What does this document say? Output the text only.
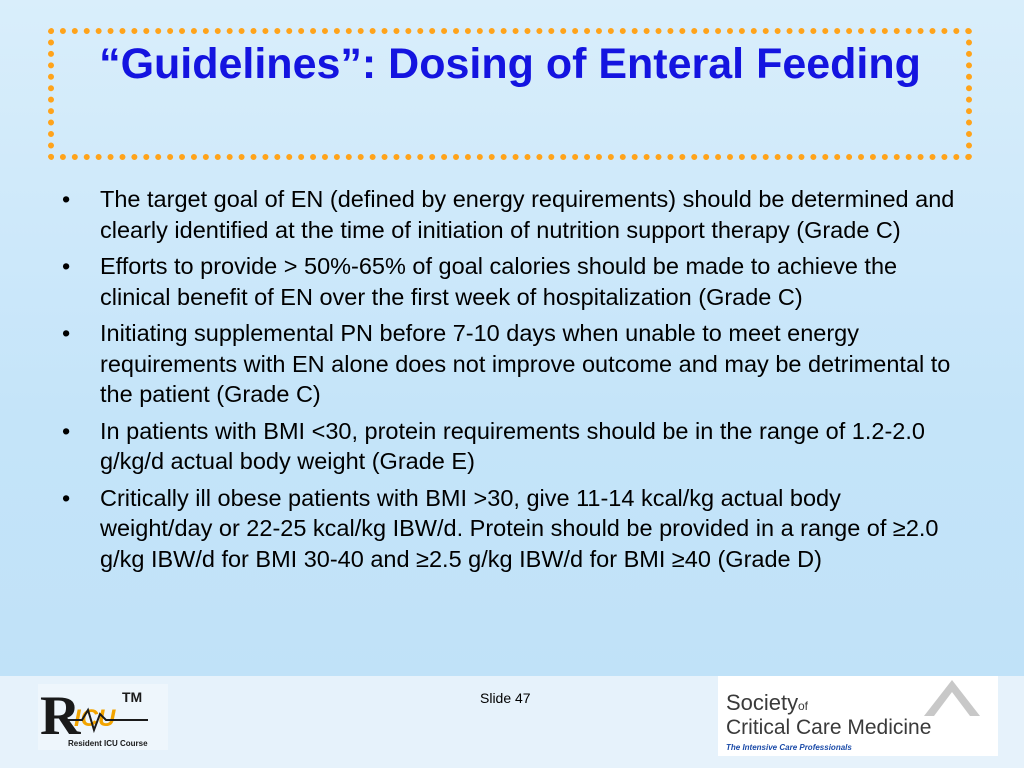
“Guidelines”: Dosing of Enteral Feeding
• The target goal of EN (defined by energy requirements) should be determined and clearly identified at the time of initiation of nutrition support therapy (Grade C)
• Efforts to provide > 50%-65% of goal calories should be made to achieve the clinical benefit of EN over the first week of hospitalization (Grade C)
• Initiating supplemental PN before 7-10 days when unable to meet energy requirements with EN alone does not improve outcome and may be detrimental to the patient (Grade C)
• In patients with BMI <30, protein requirements should be in the range of 1.2-2.0 g/kg/d actual body weight (Grade E)
• Critically ill obese patients with BMI >30, give 11-14 kcal/kg actual body weight/day or 22-25 kcal/kg IBW/d. Protein should be provided in a range of ≥2.0 g/kg IBW/d for BMI 30-40 and ≥2.5 g/kg IBW/d for BMI ≥40 (Grade D)
R
ICU
TM
Resident ICU Course
Slide 47	Society of
Critical Care Medicine
The Intensive Care Professionals
